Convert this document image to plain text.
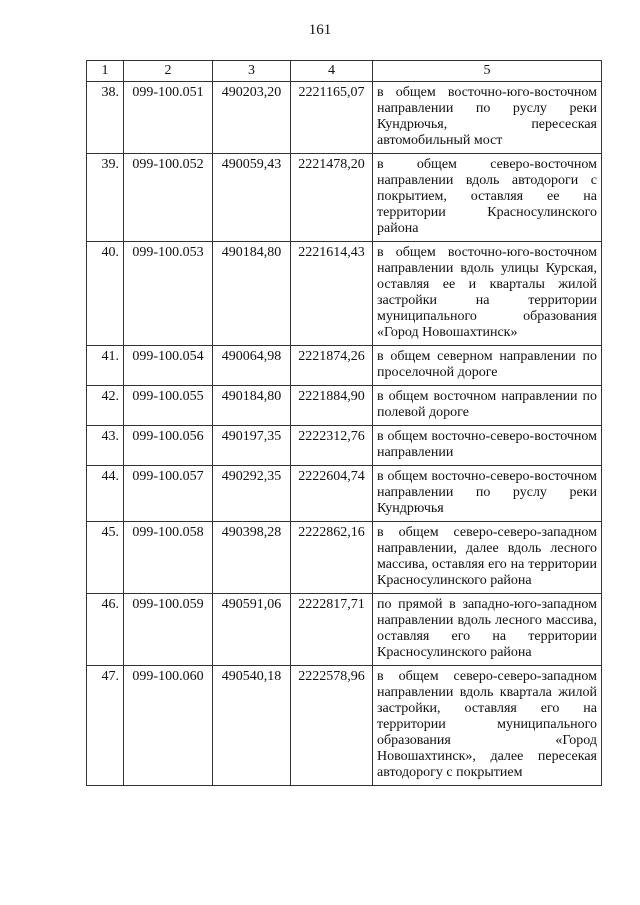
161
1	2	3	4	5
38.	099-100.051	490203,20	2221165,07	в общем восточно-юго-восточном направлении по руслу реки Кундрючья, пересеская автомобильный мост
39.	099-100.052	490059,43	2221478,20	в общем северо-восточном направлении вдоль автодороги с покрытием, оставляя ее на территории Красносулинского района
40.	099-100.053	490184,80	2221614,43	в общем восточно-юго-восточном направлении вдоль улицы Курская, оставляя ее и кварталы жилой застройки на территории муниципального образования «Город Новошахтинск»
41.	099-100.054	490064,98	2221874,26	в общем северном направлении по проселочной дороге
42.	099-100.055	490184,80	2221884,90	в общем восточном направлении по полевой дороге
43.	099-100.056	490197,35	2222312,76	в общем восточно-северо-восточном направлении
44.	099-100.057	490292,35	2222604,74	в общем восточно-северо-восточном направлении по руслу реки Кундрючья
45.	099-100.058	490398,28	2222862,16	в общем северо-северо-западном направлении, далее вдоль лесного массива, оставляя его на территории Красносулинского района
46.	099-100.059	490591,06	2222817,71	по прямой в западно-юго-западном направлении вдоль лесного массива, оставляя его на территории Красносулинского района
47.	099-100.060	490540,18	2222578,96	в общем северо-северо-западном направлении вдоль квартала жилой застройки, оставляя его на территории муниципального образования «Город Новошахтинск», далее пересекая автодорогу с покрытием
